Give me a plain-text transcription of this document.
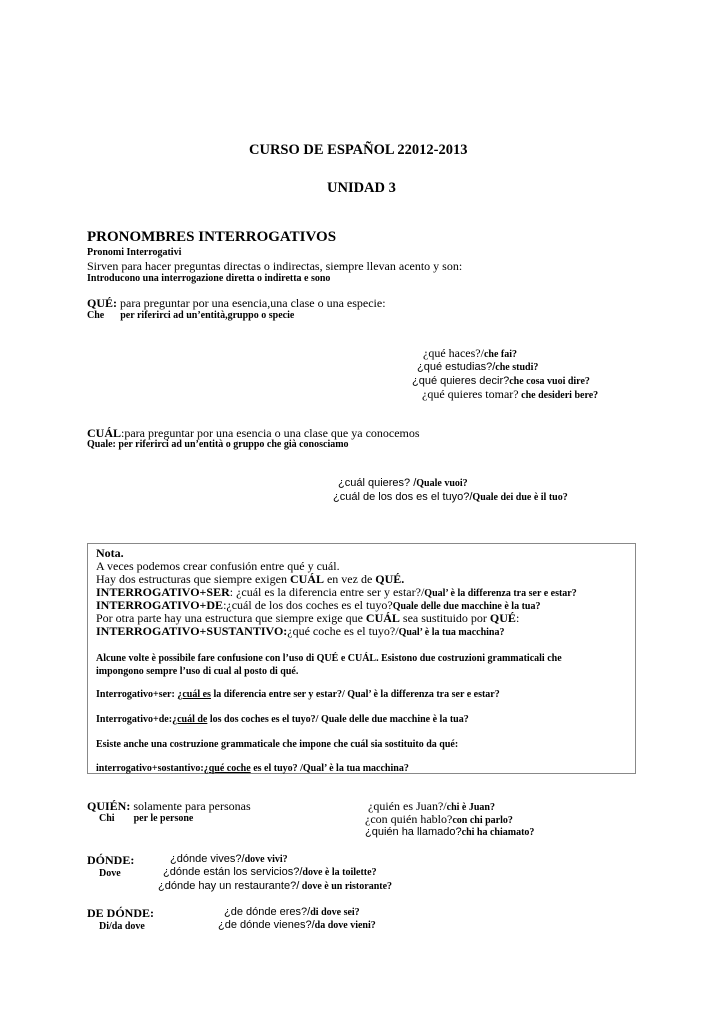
CURSO DE ESPAÑOL 22012-2013
UNIDAD 3
PRONOMBRES INTERROGATIVOS
Pronomi Interrogativi
Sirven para hacer preguntas directas o indirectas, siempre llevan acento y son:
Introducono una interrogazione diretta o indiretta e sono
QUÉ: para preguntar por una esencia,una clase o una especie:
Che per riferirci ad un’entità,gruppo o specie
¿qué haces?/che fai?
¿qué estudias?/che studi?
¿qué quieres decir?che cosa vuoi dire?
¿qué quieres tomar? che desideri bere?
CUÁL:para preguntar por una esencia o una clase que ya conocemos
Quale: per riferirci ad un’entità o gruppo che già conosciamo
¿cuál quieres? /Quale vuoi?
¿cuál de los dos es el tuyo?/Quale dei due è il tuo?
Nota.
A veces podemos crear confusión entre qué y cuál.
Hay dos estructuras que siempre exigen CUÁL en vez de QUÉ.
INTERROGATIVO+SER: ¿cuál es la diferencia entre ser y estar?/Qual’ è la differenza tra ser e estar?
INTERROGATIVO+DE:¿cuál de los dos coches es el tuyo?Quale delle due macchine è la tua?
Por otra parte hay una estructura que siempre exige que CUÁL sea sustituido por QUÉ:
INTERROGATIVO+SUSTANTIVO:¿qué coche es el tuyo?/Qual’ è la tua macchina?
Alcune volte è possibile fare confusione con l’uso di QUÉ e CUÁL. Esistono due costruzioni grammaticali che
impongono sempre l’uso di cual al posto di qué.
Interrogativo+ser: ¿cuál es la diferencia entre ser y estar?/ Qual’ è la differenza tra ser e estar?
Interrogativo+de:¿cuál de los dos coches es el tuyo?/ Quale delle due macchine è la tua?
Esiste anche una costruzione grammaticale che impone che cuál sia sostituito da qué:
interrogativo+sostantivo:¿qué coche es el tuyo? /Qual’ è la tua macchina?
QUIÉN: solamente para personas
Chi per le persone
¿quién es Juan?/chi è Juan?
¿con quién hablo?con chi parlo?
¿quién ha llamado?chi ha chiamato?
DÓNDE:
Dove
¿dónde vives?/dove vivi?
¿dónde están los servicios?/dove è la toilette?
¿dónde hay un restaurante?/ dove è un ristorante?
DE DÓNDE:
Di/da dove
¿de dónde eres?/di dove sei?
¿de dónde vienes?/da dove vieni?
